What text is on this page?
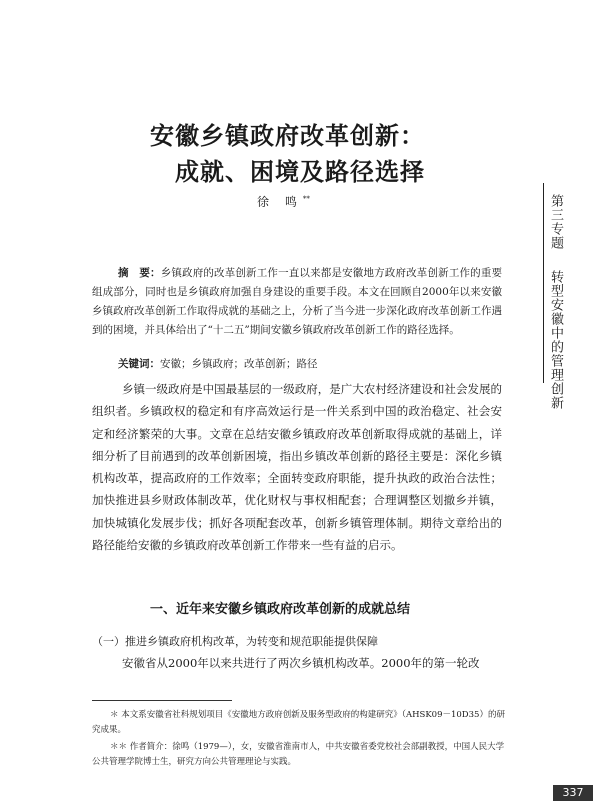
安徽乡镇政府改革创新：
成就、困境及路径选择
徐 鸣**
摘　要：乡镇政府的改革创新工作一直以来都是安徽地方政府改革创新工作的重要组成部分，同时也是乡镇政府加强自身建设的重要手段。本文在回顾自2000年以来安徽乡镇政府改革创新工作取得成就的基础之上，分析了当今进一步深化政府改革创新工作遇到的困境，并具体给出了“十二五”期间安徽乡镇政府改革创新工作的路径选择。
关键词：安徽；乡镇政府；改革创新；路径
乡镇一级政府是中国最基层的一级政府，是广大农村经济建设和社会发展的组织者。乡镇政权的稳定和有序高效运行是一件关系到中国的政治稳定、社会安定和经济繁荣的大事。文章在总结安徽乡镇政府改革创新取得成就的基础上，详细分析了目前遇到的改革创新困境，指出乡镇改革创新的路径主要是：深化乡镇机构改革，提高政府的工作效率；全面转变政府职能，提升执政的政治合法性；加快推进县乡财政体制改革，优化财权与事权相配套；合理调整区划撤乡并镇，加快城镇化发展步伐；抓好各项配套改革，创新乡镇管理体制。期待文章给出的路径能给安徽的乡镇政府改革创新工作带来一些有益的启示。
一、近年来安徽乡镇政府改革创新的成就总结
（一）推进乡镇政府机构改革，为转变和规范职能提供保障
安徽省从2000年以来共进行了两次乡镇机构改革。2000年的第一轮改
＊ 本文系安徽省社科规划项目《安徽地方政府创新及服务型政府的构建研究》（AHSK09－10D35）的研究成果。
＊＊ 作者简介：徐鸣（1979—），女，安徽省淮南市人，中共安徽省委党校社会部副教授，中国人民大学公共管理学院博士生，研究方向公共管理理论与实践。
第三专题转型安徽中的管理创新
337
